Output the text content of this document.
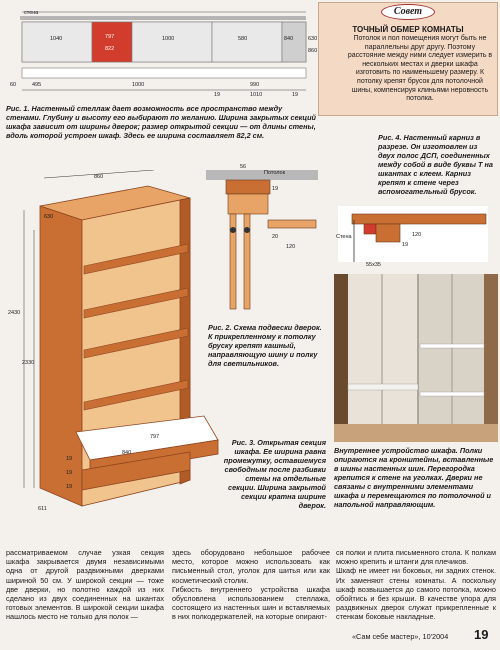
стена
1040	797
822
1000	580	840	630
860
60	495	1000
19
990
1010	19
Рис. 1. Настенный стеллаж дает возможность все пространство между стенами. Глубину и высоту его выбирают по желанию. Ширина закрытых секций шкафа зависит от ширины дверок; размер открытой секции — от длины стены, вдоль которой устроен шкаф. Здесь ее ширина составляет 82,2 см.
Совет
ТОЧНЫЙ ОБМЕР КОМНАТЫ
Потолок и пол помещения могут быть не параллельны друг другу. Поэтому расстояние между ними следует измерить в нескольких местах и дверки шкафа изготовить по наименьшему размеру. К потолку крепят брусок для потолочной шины, компенсируя клиньями неровность потолка.
Рис. 4. Настенный карниз в разрезе. Он изготовлен из двух полос ДСП, соединенных между собой в виде буквы Т на шкантах с клеем. Карниз крепят к стене через вспомогательный брусок.
Стена
55x35
19
120
56
Потолок
19
20
120
Рис. 2. Схема подвески дверок. К прикрепленному к потолку бруску крепят кашный, направляющую шину и полку для светильников.
860
630
2430
2330
611
19
19
19
797
840
Рис. 3. Открытая секция шкафа. Ее ширина равна промежутку, оставшемуся свободным после разбивки стены на отдельные секции. Ширина закрытой секции кратна ширине дверок.
Внутреннее устройство шкафа. Полки опираются на кронштейны, вставленные в шины настенных шин. Перегородка крепится к стене на уголках. Дверки не связаны с внутренними элементами шкафа и перемещаются по потолочной и напольной направляющим.
рассматриваемом случае узкая секция шкафа закрывается двумя независимыми одна от другой раздвижными дверками шириной 50 см. У широкой секции — тоже две дверки, но полотно каждой из них сделано из двух соединенных на шкантах готовых элементов. В широкой секции шкафа нашлось место не только для полок —
здесь оборудовано небольшое рабочее место, которое можно использовать как письменный стол, уголок для шитья или как косметический столик.
Гибкость внутреннего устройства шкафа обусловлена использованием стеллажа, состоящего из настенных шин и вставляемых в них полкодержателей, на которые опирают-
ся полки и плита письменного стола. К полкам можно крепить и штанги для плечиков.
Шкаф не имеет ни боковых, ни задних стенок. Их заменяют стены комнаты. А поскольку шкаф возвышается до самого потолка, можно обойтись и без крыши. В качестве упора для раздвижных дверок служат прикрепленные к стенкам боковые накладные.
«Сам себе мастер», 10'2004	19
